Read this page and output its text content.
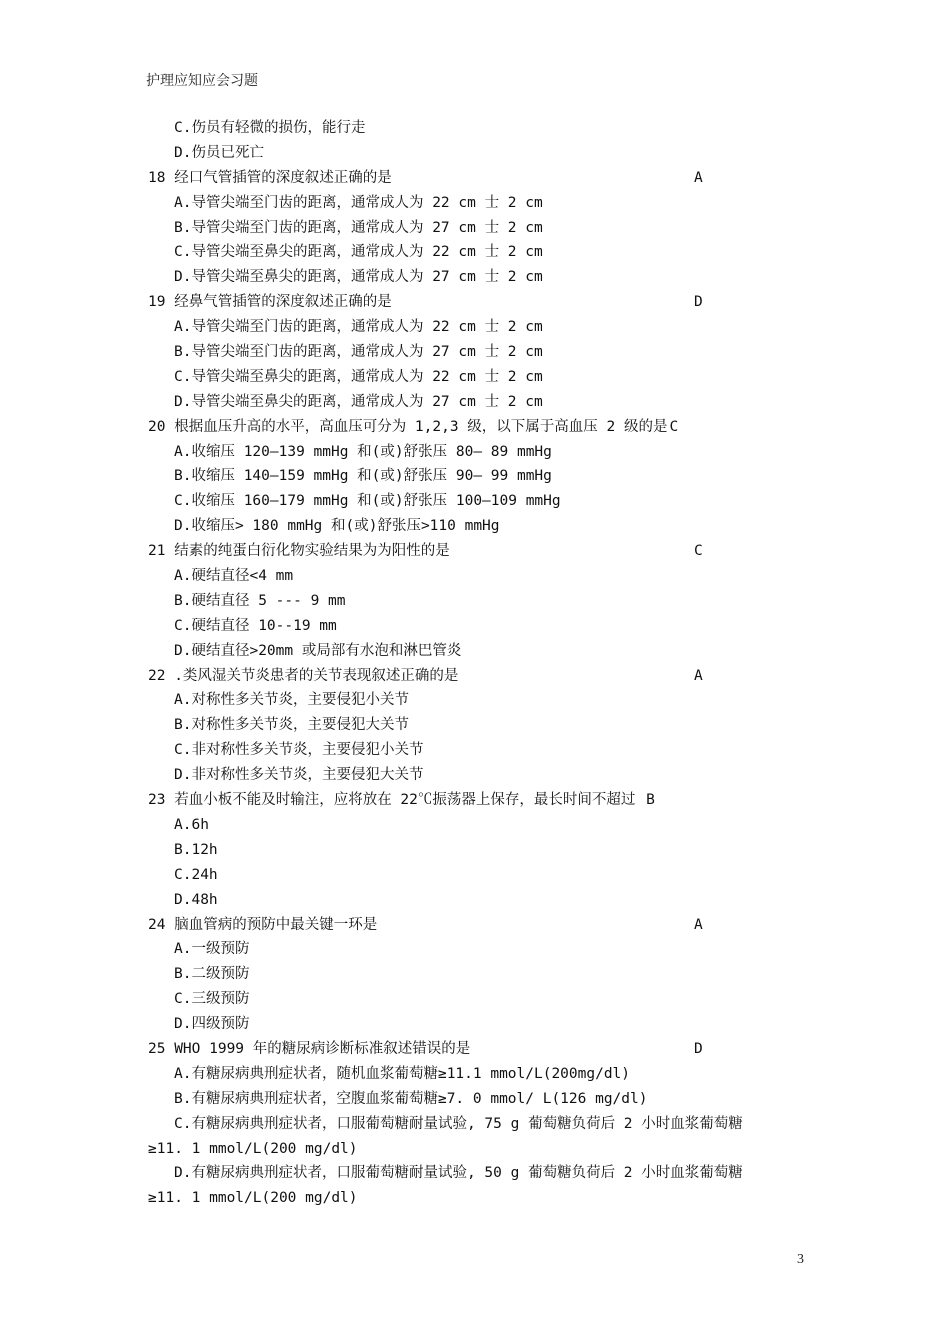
护理应知应会习题
C.伤员有轻微的损伤，能行走
D.伤员已死亡
18 经口气管插管的深度叙述正确的是	A
A.导管尖端至门齿的距离，通常成人为 22 cm 士 2 cm
B.导管尖端至门齿的距离，通常成人为 27 cm 士 2 cm
C.导管尖端至鼻尖的距离，通常成人为 22 cm 士 2 cm
D.导管尖端至鼻尖的距离，通常成人为 27 cm 士 2 cm
19 经鼻气管插管的深度叙述正确的是	D
A.导管尖端至门齿的距离，通常成人为 22 cm 士 2 cm
B.导管尖端至门齿的距离，通常成人为 27 cm 士 2 cm
C.导管尖端至鼻尖的距离，通常成人为 22 cm 士 2 cm
D.导管尖端至鼻尖的距离，通常成人为 27 cm 士 2 cm
20 根据血压升高的水平，高血压可分为 1,2,3 级，以下属于高血压 2 级的是 C
A.收缩压 120—139 mmHg 和(或)舒张压 80— 89 mmHg
B.收缩压 140—159 mmHg 和(或)舒张压 90— 99 mmHg
C.收缩压 160—179 mmHg 和(或)舒张压 100—109 mmHg
D.收缩压> 180 mmHg 和(或)舒张压>110 mmHg
21 结素的纯蛋白衍化物实验结果为为阳性的是	C
A.硬结直径<4 mm
B.硬结直径 5 --- 9 mm
C.硬结直径 10--19 mm
D.硬结直径>20mm 或局部有水泡和淋巴管炎
22 .类风湿关节炎患者的关节表现叙述正确的是	A
A.对称性多关节炎，主要侵犯小关节
B.对称性多关节炎，主要侵犯大关节
C.非对称性多关节炎，主要侵犯小关节
D.非对称性多关节炎，主要侵犯大关节
23 若血小板不能及时输注，应将放在 22℃振荡器上保存，最长时间不超过 B
A.6h
B.12h
C.24h
D.48h
24 脑血管病的预防中最关键一环是	A
A.一级预防
B.二级预防
C.三级预防
D.四级预防
25 WHO 1999 年的糖尿病诊断标准叙述错误的是	D
A.有糖尿病典刑症状者，随机血浆葡萄糖≥11.1 mmol/L(200mg/dl)
B.有糖尿病典刑症状者，空腹血浆葡萄糖≥7. 0 mmol/ L(126 mg/dl)
C.有糖尿病典刑症状者，口服葡萄糖耐量试验, 75 g 葡萄糖负荷后 2 小时血浆葡萄糖
≥11. 1 mmol/L(200 mg/dl)
D.有糖尿病典刑症状者，口服葡萄糖耐量试验, 50 g 葡萄糖负荷后 2 小时血浆葡萄糖
≥11. 1 mmol/L(200 mg/dl)
3
